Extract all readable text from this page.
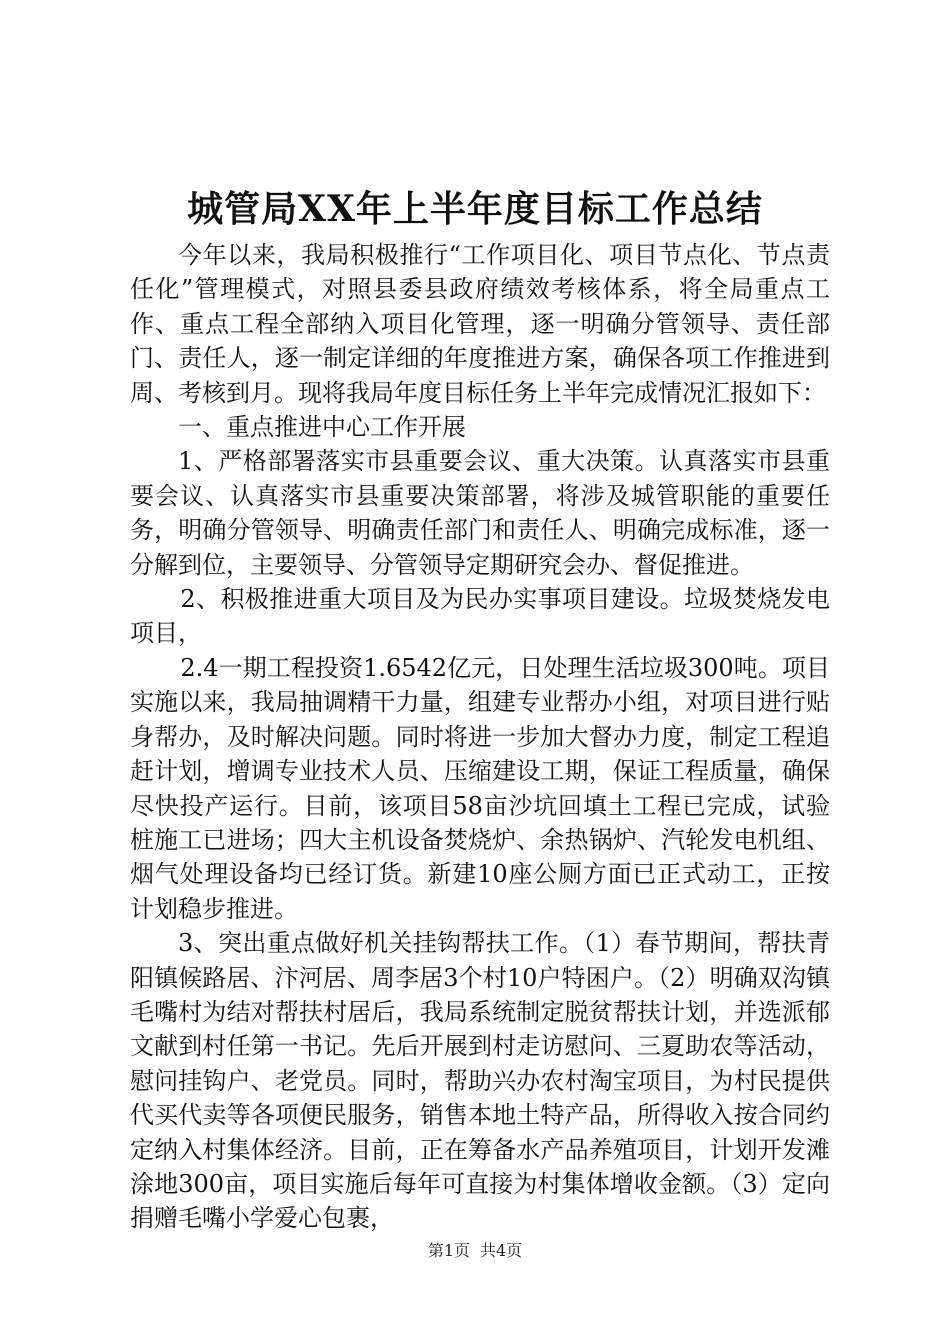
城管局XX年上半年度目标工作总结

今年以来，我局积极推行“工作项目化、项目节点化、节点责任化”管理模式，对照县委县政府绩效考核体系，将全局重点工作、重点工程全部纳入项目化管理，逐一明确分管领导、责任部门、责任人，逐一制定详细的年度推进方案，确保各项工作推进到周、考核到月。现将我局年度目标任务上半年完成情况汇报如下：

一、重点推进中心工作开展

1、严格部署落实市县重要会议、重大决策。认真落实市县重要会议、认真落实市县重要决策部署，将涉及城管职能的重要任务，明确分管领导、明确责任部门和责任人、明确完成标准，逐一分解到位，主要领导、分管领导定期研究会办、督促推进。

2、积极推进重大项目及为民办实事项目建设。垃圾焚烧发电项目，

2.4一期工程投资1.6542亿元，日处理生活垃圾300吨。项目实施以来，我局抽调精干力量，组建专业帮办小组，对项目进行贴身帮办，及时解决问题。同时将进一步加大督办力度，制定工程追赶计划，增调专业技术人员、压缩建设工期，保证工程质量，确保尽快投产运行。目前，该项目58亩沙坑回填土工程已完成，试验桩施工已进场；四大主机设备焚烧炉、余热锅炉、汽轮发电机组、烟气处理设备均已经订货。新建10座公厕方面已正式动工，正按计划稳步推进。

3、突出重点做好机关挂钩帮扶工作。（1）春节期间，帮扶青阳镇候路居、汴河居、周李居3个村10户特困户。（2）明确双沟镇毛嘴村为结对帮扶村居后，我局系统制定脱贫帮扶计划，并选派郁文献到村任第一书记。先后开展到村走访慰问、三夏助农等活动，慰问挂钩户、老党员。同时，帮助兴办农村淘宝项目，为村民提供代买代卖等各项便民服务，销售本地土特产品，所得收入按合同约定纳入村集体经济。目前，正在筹备水产品养殖项目，计划开发滩涂地300亩，项目实施后每年可直接为村集体增收金额。（3）定向捐赠毛嘴小学爱心包裹，

第1页 共4页
